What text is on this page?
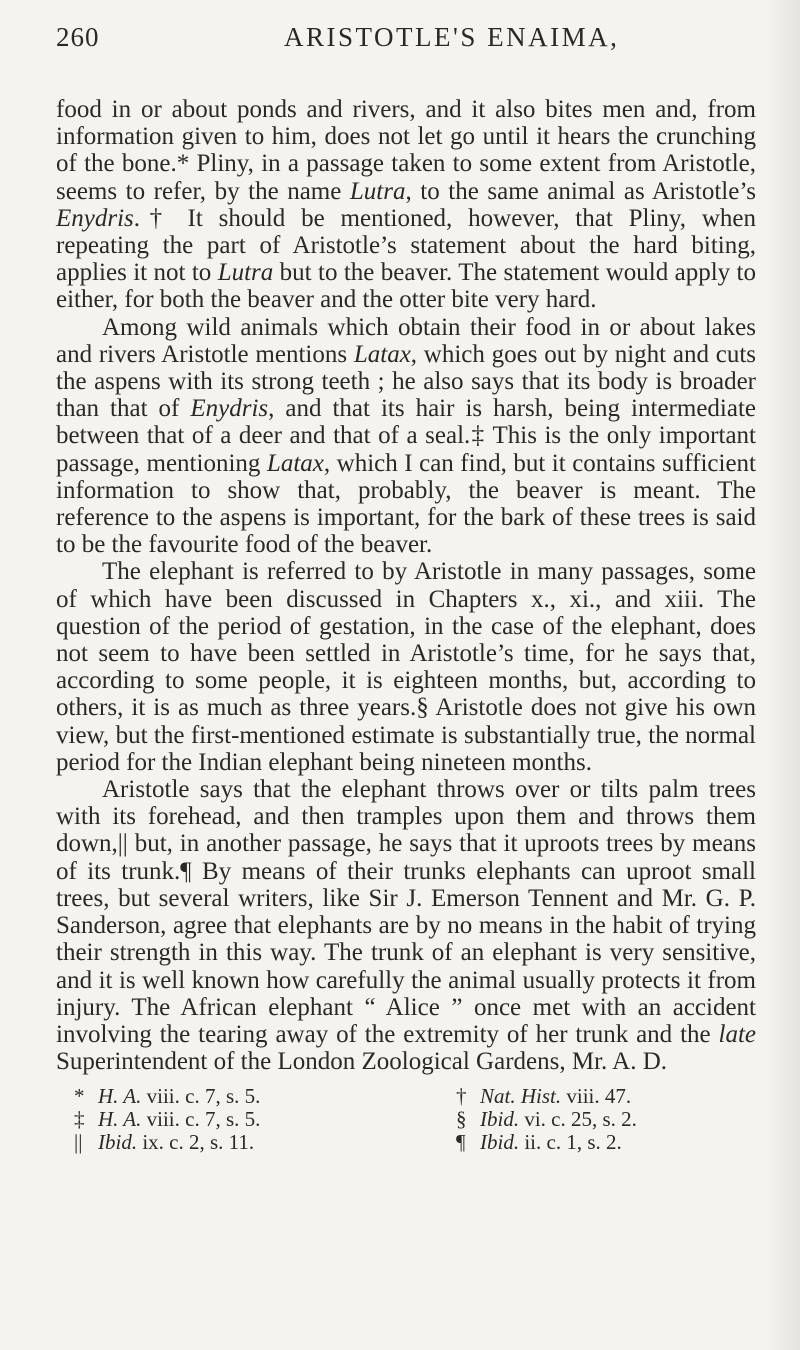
260	ARISTOTLE'S ΕΝΑΙΜΑ,

food in or about ponds and rivers, and it also bites men and, from information given to him, does not let go until it hears the crunching of the bone.* Pliny, in a passage taken to some extent from Aristotle, seems to refer, by the name Lutra, to the same animal as Aristotle’s Enydris.† It should be mentioned, however, that Pliny, when repeating the part of Aristotle’s statement about the hard biting, applies it not to Lutra but to the beaver. The statement would apply to either, for both the beaver and the otter bite very hard.

Among wild animals which obtain their food in or about lakes and rivers Aristotle mentions Latax, which goes out by night and cuts the aspens with its strong teeth ; he also says that its body is broader than that of Enydris, and that its hair is harsh, being intermediate between that of a deer and that of a seal.‡ This is the only important passage, mentioning Latax, which I can find, but it contains sufficient information to show that, probably, the beaver is meant. The reference to the aspens is important, for the bark of these trees is said to be the favourite food of the beaver.

The elephant is referred to by Aristotle in many passages, some of which have been discussed in Chapters x., xi., and xiii. The question of the period of gestation, in the case of the elephant, does not seem to have been settled in Aristotle’s time, for he says that, according to some people, it is eighteen months, but, according to others, it is as much as three years.§ Aristotle does not give his own view, but the first-mentioned estimate is substantially true, the normal period for the Indian elephant being nineteen months.

Aristotle says that the elephant throws over or tilts palm trees with its forehead, and then tramples upon them and throws them down,|| but, in another passage, he says that it uproots trees by means of its trunk.¶ By means of their trunks elephants can uproot small trees, but several writers, like Sir J. Emerson Tennent and Mr. G. P. Sanderson, agree that elephants are by no means in the habit of trying their strength in this way. The trunk of an elephant is very sensitive, and it is well known how carefully the animal usually protects it from injury. The African elephant “ Alice ” once met with an accident involving the tearing away of the extremity of her trunk and the late Superintendent of the London Zoological Gardens, Mr. A. D.

* H. A. viii. c. 7, s. 5.	† Nat. Hist. viii. 47.
‡ H. A. viii. c. 7, s. 5.	§ Ibid. vi. c. 25, s. 2.
|| Ibid. ix. c. 2, s. 11.	¶ Ibid. ii. c. 1, s. 2.
